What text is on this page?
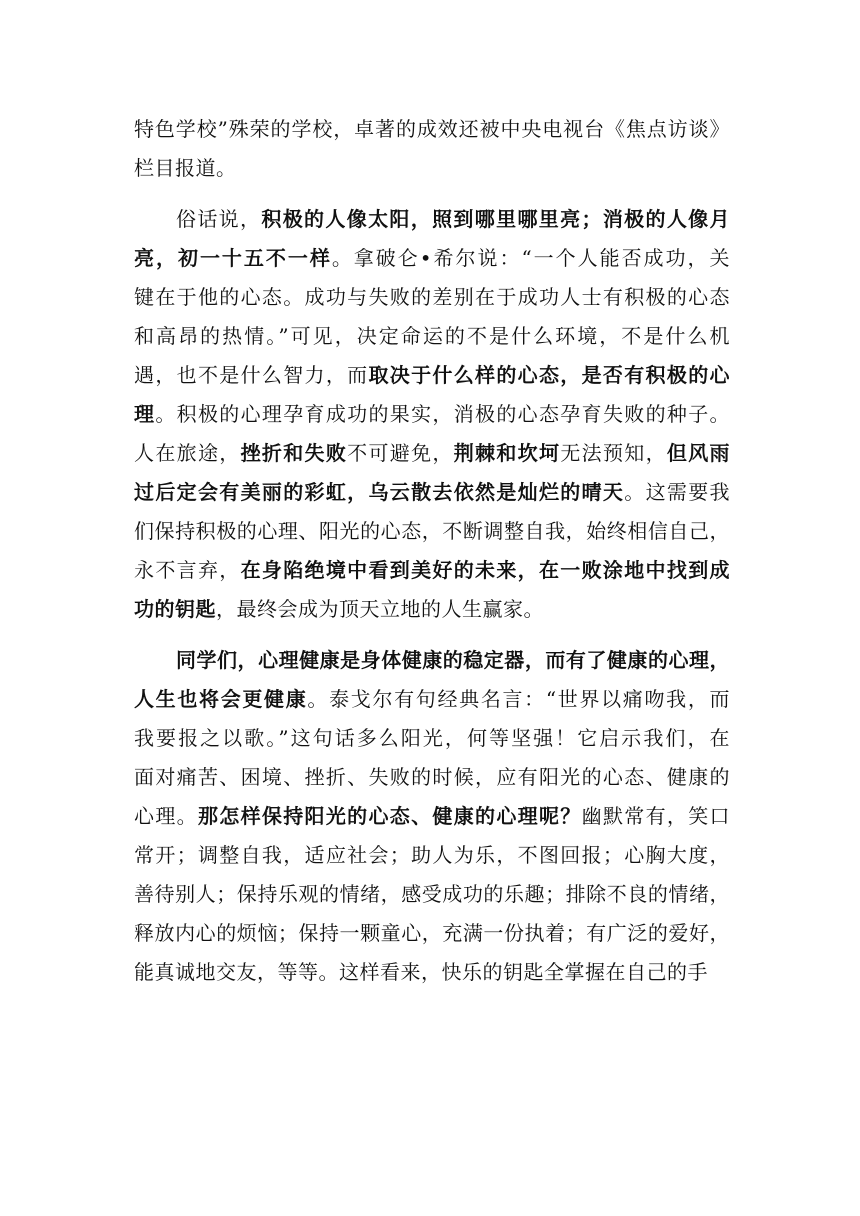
特色学校”殊荣的学校，卓著的成效还被中央电视台《焦点访谈》
栏目报道。
俗话说，积极的人像太阳，照到哪里哪里亮；消极的人像月
亮，初一十五不一样。拿破仑•希尔说：“一个人能否成功，关
键在于他的心态。成功与失败的差别在于成功人士有积极的心态
和高昂的热情。”可见，决定命运的不是什么环境，不是什么机
遇，也不是什么智力，而取决于什么样的心态，是否有积极的心
理。积极的心理孕育成功的果实，消极的心态孕育失败的种子。
人在旅途，挫折和失败不可避免，荆棘和坎坷无法预知，但风雨
过后定会有美丽的彩虹，乌云散去依然是灿烂的晴天。这需要我
们保持积极的心理、阳光的心态，不断调整自我，始终相信自己，
永不言弃，在身陷绝境中看到美好的未来，在一败涂地中找到成
功的钥匙，最终会成为顶天立地的人生赢家。
同学们，心理健康是身体健康的稳定器，而有了健康的心理，
人生也将会更健康。泰戈尔有句经典名言：“世界以痛吻我，而
我要报之以歌。”这句话多么阳光，何等坚强！它启示我们，在
面对痛苦、困境、挫折、失败的时候，应有阳光的心态、健康的
心理。那怎样保持阳光的心态、健康的心理呢？幽默常有，笑口
常开；调整自我，适应社会；助人为乐，不图回报；心胸大度，
善待别人；保持乐观的情绪，感受成功的乐趣；排除不良的情绪，
释放内心的烦恼；保持一颗童心，充满一份执着；有广泛的爱好，
能真诚地交友，等等。这样看来，快乐的钥匙全掌握在自己的手
